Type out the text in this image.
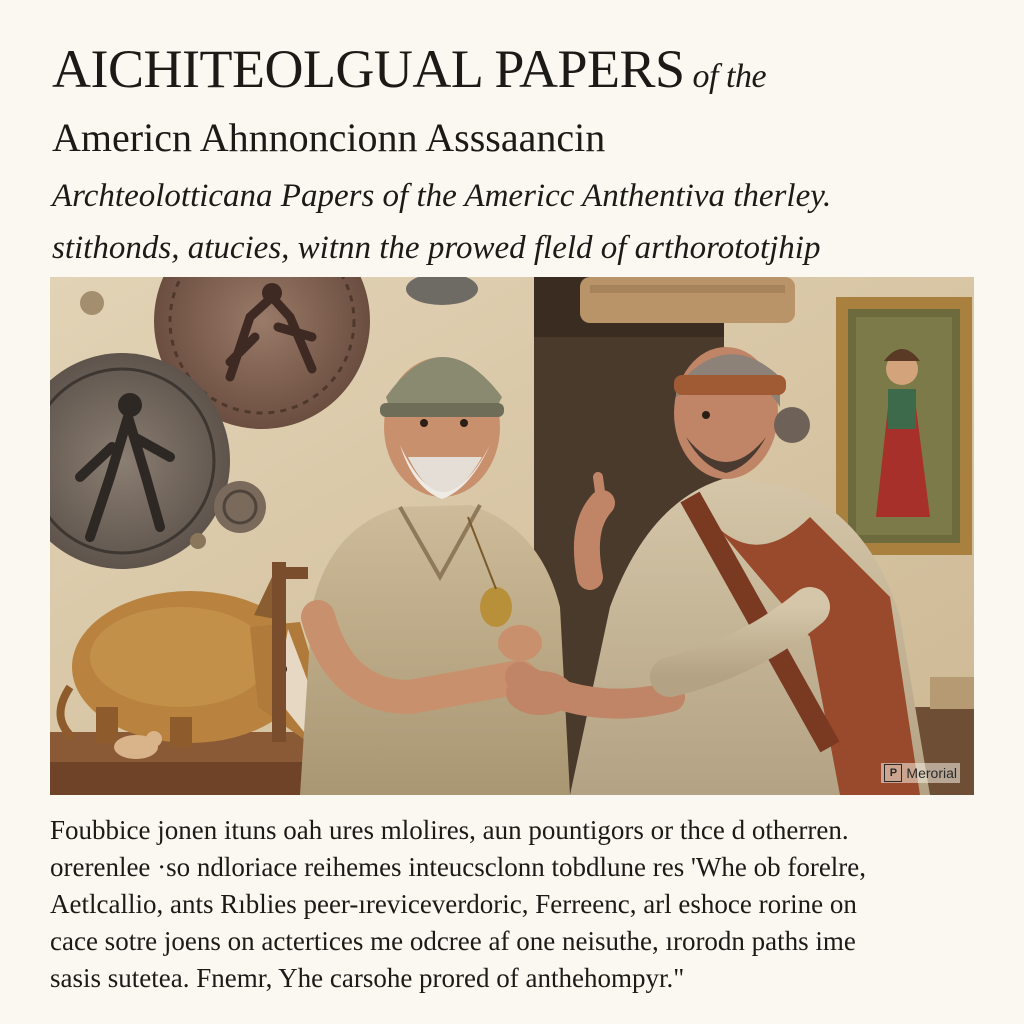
AICHITEOLGUAL PAPERS of the
Americn Ahnnoncionn Asssaancin
Archteolotticana Papers of the Americc Anthentiva therley.
stithonds, atucies, witnn the prowed fleld of arthorototjhip
P Merorial
Foubbice jonen ituns oah ures mlolires, aun pountigors or thce d otherren.
orerenlee ·so ndloriace reihemes inteucsclonn tobdlune res 'Whe ob forelre,
Aetlcallio, ants Rıblies peer-ıreviceverdoric, Ferreenc, arl eshoce rorine on
cace sotre joens on actertices me odcree af one neisuthe, ırorodn paths ime
sasis sutetea. Fnemr, Yhe carsohe prored of anthehompyr."
